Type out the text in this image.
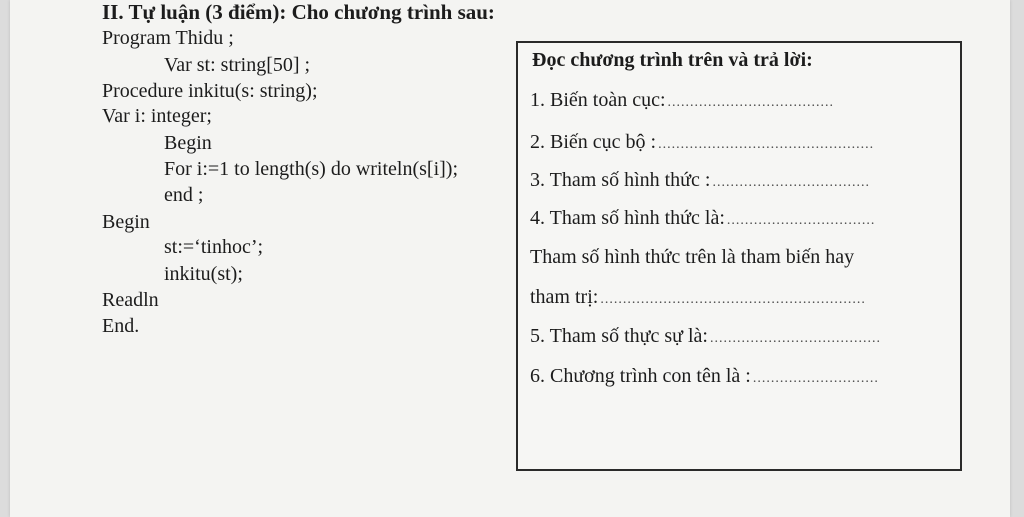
II. Tự luận (3 điểm): Cho chương trình sau:
Program Thidu ;
Var st: string[50] ;
Procedure inkitu(s: string);
Var i: integer;
Begin
For i:=1 to length(s) do writeln(s[i]);
end ;
Begin
st:=‘tinhoc’;
inkitu(st);
Readln
End.
Đọc chương trình trên và trả lời:
1. Biến toàn cục: .....................................
2. Biến cục bộ : ................................................
3. Tham số hình thức : ...................................
4. Tham số hình thức là: .................................
Tham số hình thức trên là tham biến hay
tham trị: ...........................................................
5. Tham số thực sự là: ......................................
6. Chương trình con tên là : ............................
